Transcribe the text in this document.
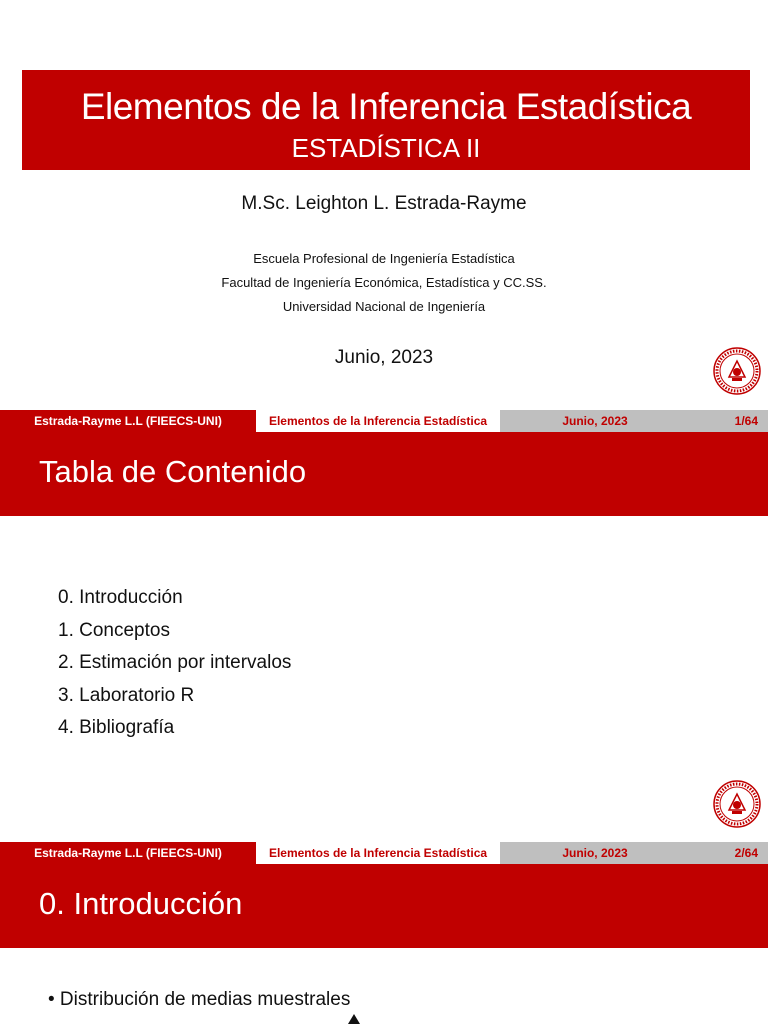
Elementos de la Inferencia Estadística
ESTADÍSTICA II
M.Sc. Leighton L. Estrada-Rayme
Escuela Profesional de Ingeniería Estadística
Facultad de Ingeniería Económica, Estadística y CC.SS.
Universidad Nacional de Ingeniería
Junio, 2023
Estrada-Rayme L.L (FIEECS-UNI)	Elementos de la Inferencia Estadística	Junio, 2023	1/64
Tabla de Contenido
0. Introducción
1. Conceptos
2. Estimación por intervalos
3. Laboratorio R
4. Bibliografía
Estrada-Rayme L.L (FIEECS-UNI)	Elementos de la Inferencia Estadística	Junio, 2023	2/64
0. Introducción
• Distribución de medias muestrales
